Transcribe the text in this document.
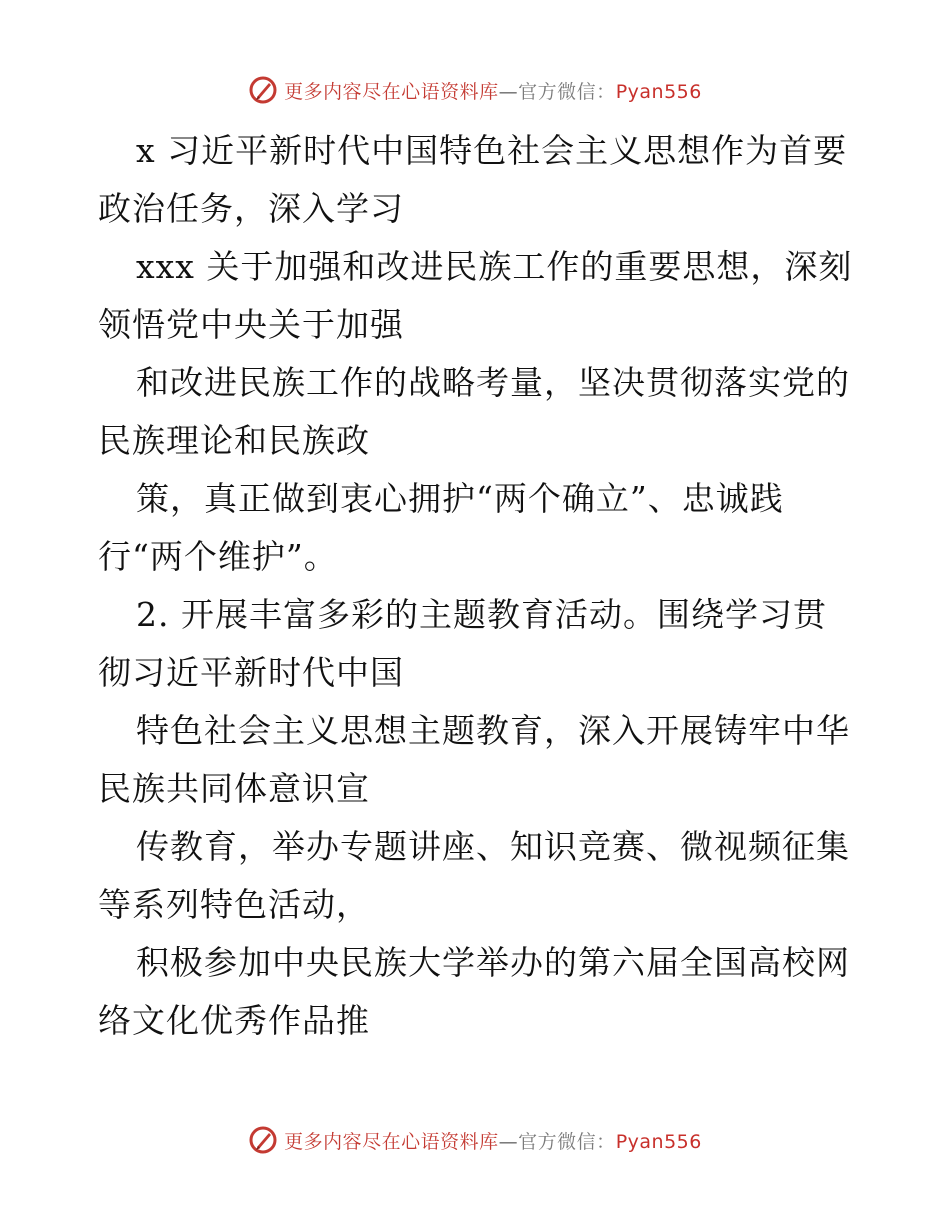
更多内容尽在心语资料库—官方微信：Pyan556
x 习近平新时代中国特色社会主义思想作为首要
政治任务，深入学习
xxx 关于加强和改进民族工作的重要思想，深刻
领悟党中央关于加强
和改进民族工作的战略考量，坚决贯彻落实党的
民族理论和民族政
策，真正做到衷心拥护“两个确立”、忠诚践
行“两个维护”。
2. 开展丰富多彩的主题教育活动。围绕学习贯
彻习近平新时代中国
特色社会主义思想主题教育，深入开展铸牢中华
民族共同体意识宣
传教育，举办专题讲座、知识竞赛、微视频征集
等系列特色活动，
积极参加中央民族大学举办的第六届全国高校网
络文化优秀作品推
更多内容尽在心语资料库—官方微信：Pyan556
